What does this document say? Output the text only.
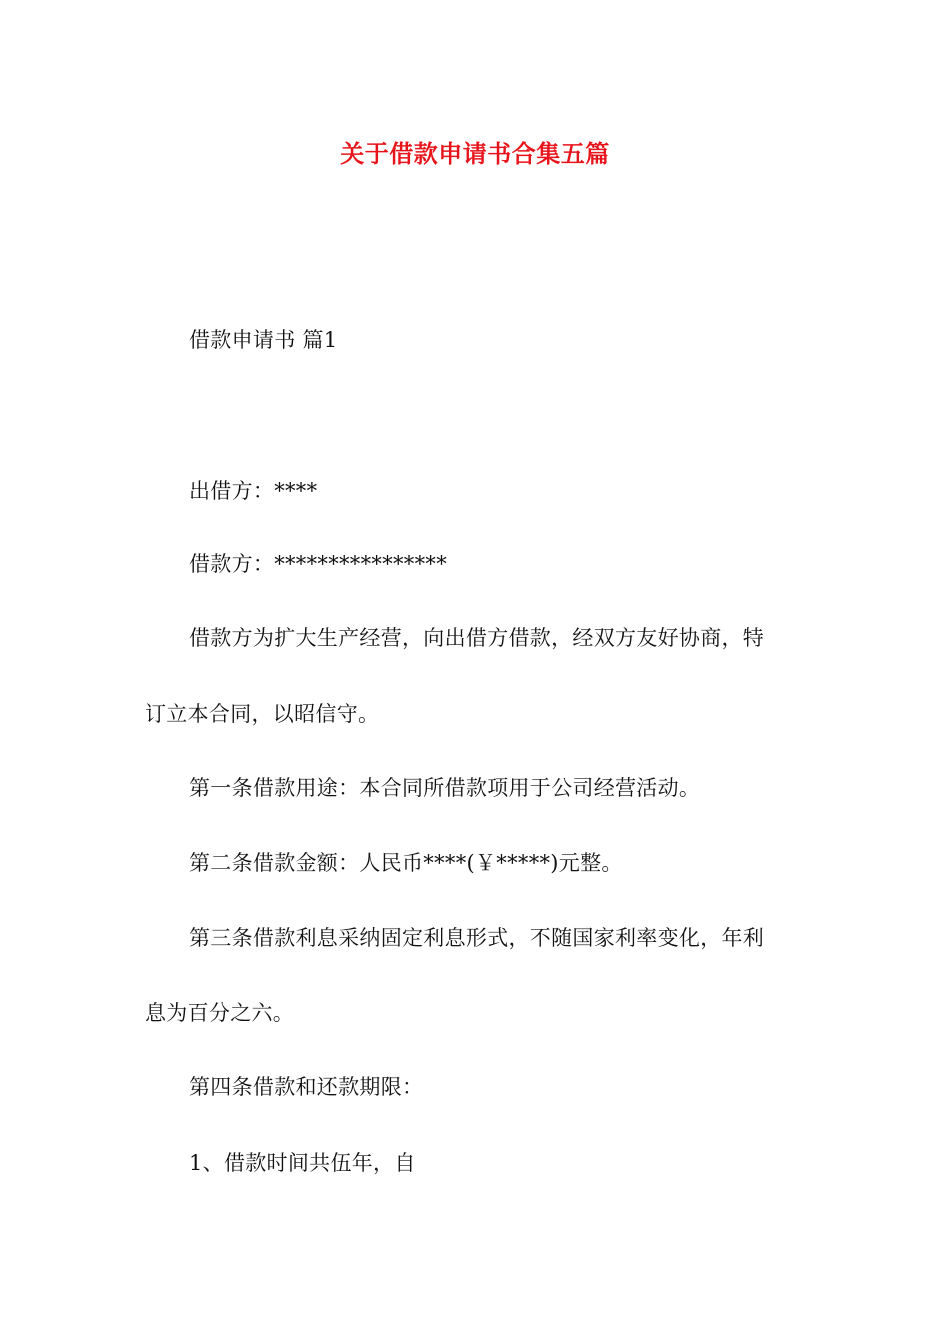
关于借款申请书合集五篇
借款申请书 篇1
出借方：****
借款方：****************
借款方为扩大生产经营，向出借方借款，经双方友好协商，特
订立本合同，以昭信守。
第一条借款用途：本合同所借款项用于公司经营活动。
第二条借款金额：人民币****(￥*****)元整。
第三条借款利息采纳固定利息形式，不随国家利率变化，年利
息为百分之六。
第四条借款和还款期限：
1、借款时间共伍年，自
